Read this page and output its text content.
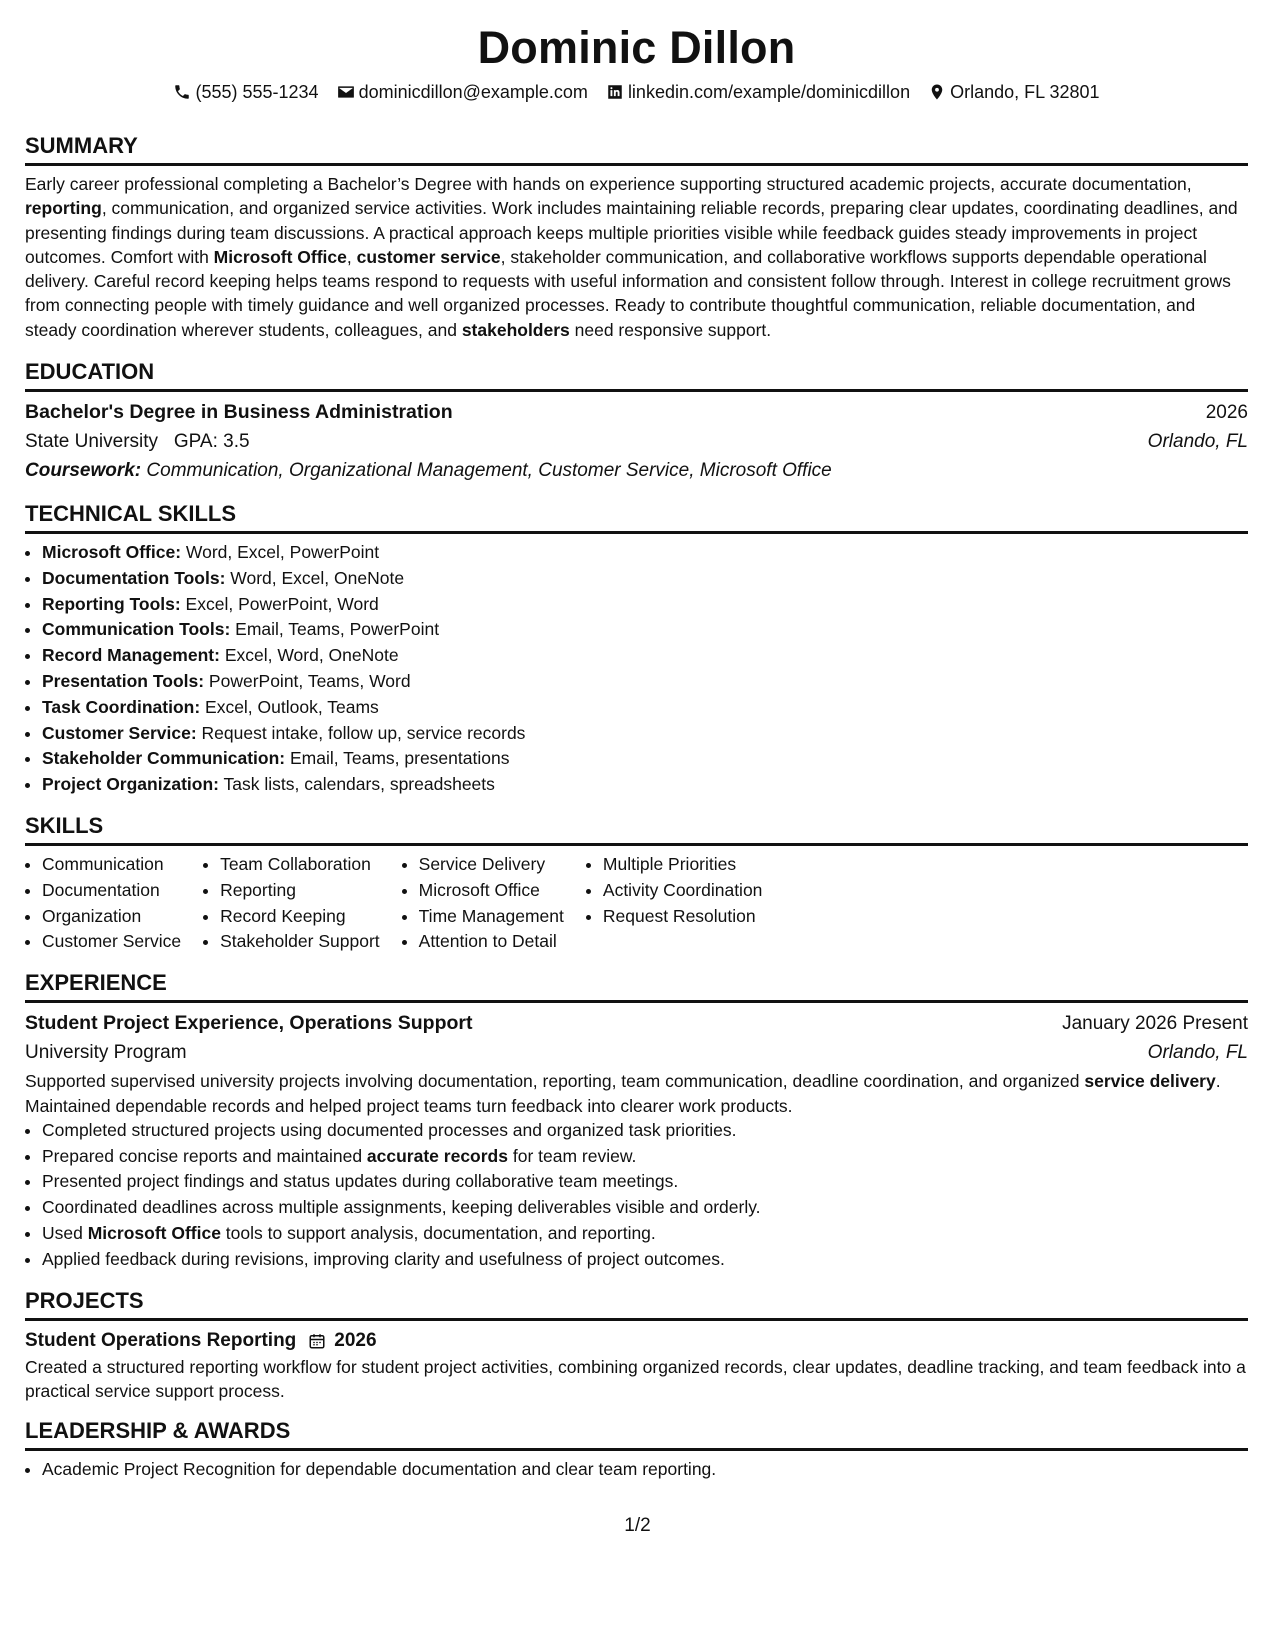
Dominic Dillon
(555) 555-1234 dominicdillon@example.com linkedin.com/example/dominicdillon Orlando, FL 32801
SUMMARY

Early career professional completing a Bachelor’s Degree with hands on experience supporting structured academic projects, accurate documentation, reporting, communication, and organized service activities. Work includes maintaining reliable records, preparing clear updates, coordinating deadlines, and presenting findings during team discussions. A practical approach keeps multiple priorities visible while feedback guides steady improvements in project outcomes. Comfort with Microsoft Office, customer service, stakeholder communication, and collaborative workflows supports dependable operational delivery. Careful record keeping helps teams respond to requests with useful information and consistent follow through. Interest in college recruitment grows from connecting people with timely guidance and well organized processes. Ready to contribute thoughtful communication, reliable documentation, and steady coordination wherever students, colleagues, and stakeholders need responsive support.

EDUCATION
Bachelor's Degree in Business Administration	2026
State University GPA: 3.5	Orlando, FL
Coursework: Communication, Organizational Management, Customer Service, Microsoft Office
TECHNICAL SKILLS
• Microsoft Office: Word, Excel, PowerPoint
• Documentation Tools: Word, Excel, OneNote
• Reporting Tools: Excel, PowerPoint, Word
• Communication Tools: Email, Teams, PowerPoint
• Record Management: Excel, Word, OneNote
• Presentation Tools: PowerPoint, Teams, Word
• Task Coordination: Excel, Outlook, Teams
• Customer Service: Request intake, follow up, service records
• Stakeholder Communication: Email, Teams, presentations
• Project Organization: Task lists, calendars, spreadsheets
SKILLS
• Communication
• Documentation
• Organization
• Customer Service
• Team Collaboration
• Reporting
• Record Keeping
• Stakeholder Support
• Service Delivery
• Microsoft Office
• Time Management
• Attention to Detail
• Multiple Priorities
• Activity Coordination
• Request Resolution
EXPERIENCE
Student Project Experience, Operations Support	January 2026 Present
University Program	Orlando, FL

Supported supervised university projects involving documentation, reporting, team communication, deadline coordination, and organized service delivery. Maintained dependable records and helped project teams turn feedback into clearer work products.

• Completed structured projects using documented processes and organized task priorities.
• Prepared concise reports and maintained accurate records for team review.
• Presented project findings and status updates during collaborative team meetings.
• Coordinated deadlines across multiple assignments, keeping deliverables visible and orderly.
• Used Microsoft Office tools to support analysis, documentation, and reporting.
• Applied feedback during revisions, improving clarity and usefulness of project outcomes.
PROJECTS
Student Operations Reporting 2026

Created a structured reporting workflow for student project activities, combining organized records, clear updates, deadline tracking, and team feedback into a practical service support process.

LEADERSHIP & AWARDS
• Academic Project Recognition for dependable documentation and clear team reporting.
1/2
